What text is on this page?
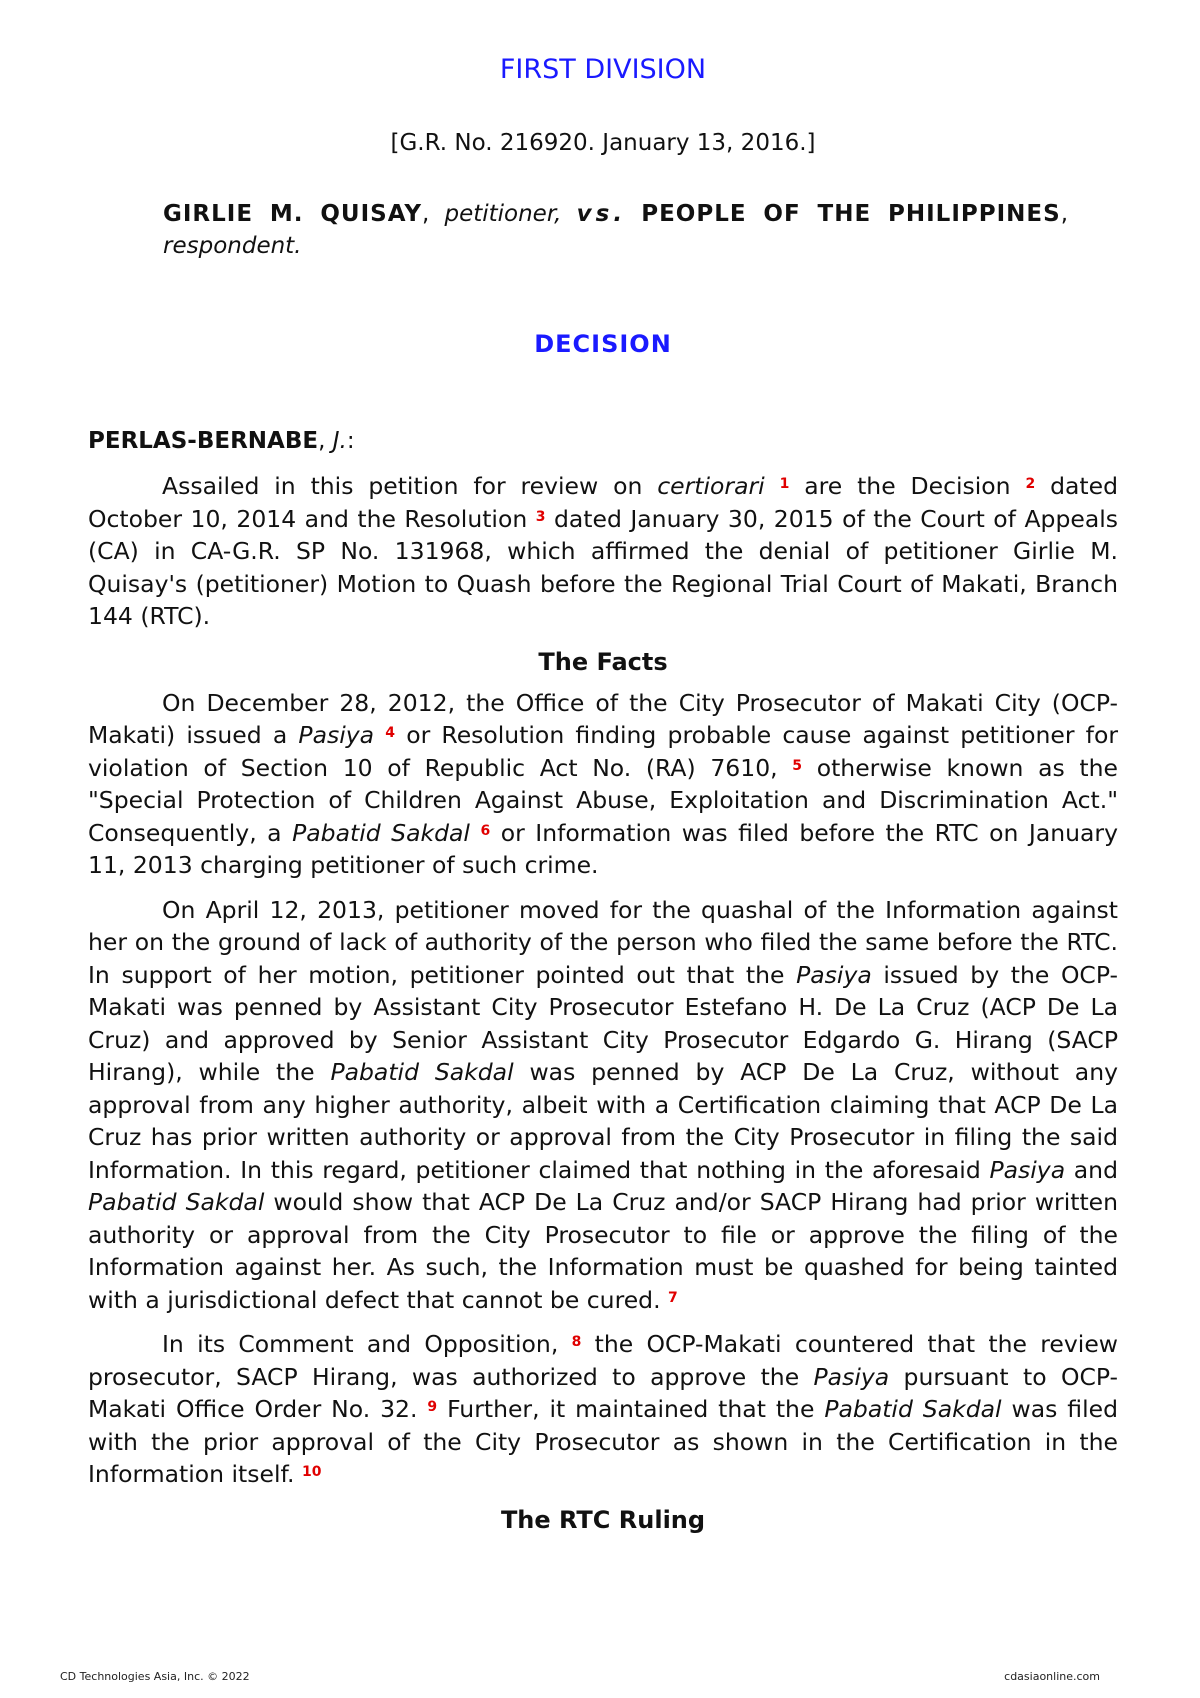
FIRST DIVISION
[G.R. No. 216920. January 13, 2016.]
GIRLIE M. QUISAY, petitioner, vs. PEOPLE OF THE PHILIPPINES, respondent.
DECISION
PERLAS-BERNABE, J.:

Assailed in this petition for review on certiorari $^1$ are the Decision $^2$ dated October 10, 2014 and the Resolution $^3$ dated January 30, 2015 of the Court of Appeals (CA) in CA-G.R. SP No. 131968, which affirmed the denial of petitioner Girlie M. Quisay's (petitioner) Motion to Quash before the Regional Trial Court of Makati, Branch 144 (RTC).

The Facts

On December 28, 2012, the Office of the City Prosecutor of Makati City (OCP-Makati) issued a Pasiya $^4$ or Resolution finding probable cause against petitioner for violation of Section 10 of Republic Act No. (RA) 7610, $^5$ otherwise known as the "Special Protection of Children Against Abuse, Exploitation and Discrimination Act." Consequently, a Pabatid Sakdal $^6$ or Information was filed before the RTC on January 11, 2013 charging petitioner of such crime.

On April 12, 2013, petitioner moved for the quashal of the Information against her on the ground of lack of authority of the person who filed the same before the RTC. In support of her motion, petitioner pointed out that the Pasiya issued by the OCP-Makati was penned by Assistant City Prosecutor Estefano H. De La Cruz (ACP De La Cruz) and approved by Senior Assistant City Prosecutor Edgardo G. Hirang (SACP Hirang), while the Pabatid Sakdal was penned by ACP De La Cruz, without any approval from any higher authority, albeit with a Certification claiming that ACP De La Cruz has prior written authority or approval from the City Prosecutor in filing the said Information. In this regard, petitioner claimed that nothing in the aforesaid Pasiya and Pabatid Sakdal would show that ACP De La Cruz and/or SACP Hirang had prior written authority or approval from the City Prosecutor to file or approve the filing of the Information against her. As such, the Information must be quashed for being tainted with a jurisdictional defect that cannot be cured. $^7$

In its Comment and Opposition, $^8$ the OCP-Makati countered that the review prosecutor, SACP Hirang, was authorized to approve the Pasiya pursuant to OCP-Makati Office Order No. 32. $^9$ Further, it maintained that the Pabatid Sakdal was filed with the prior approval of the City Prosecutor as shown in the Certification in the Information itself. $^{10}$

The RTC Ruling
CD Technologies Asia, Inc. © 2022	cdasiaonline.com
